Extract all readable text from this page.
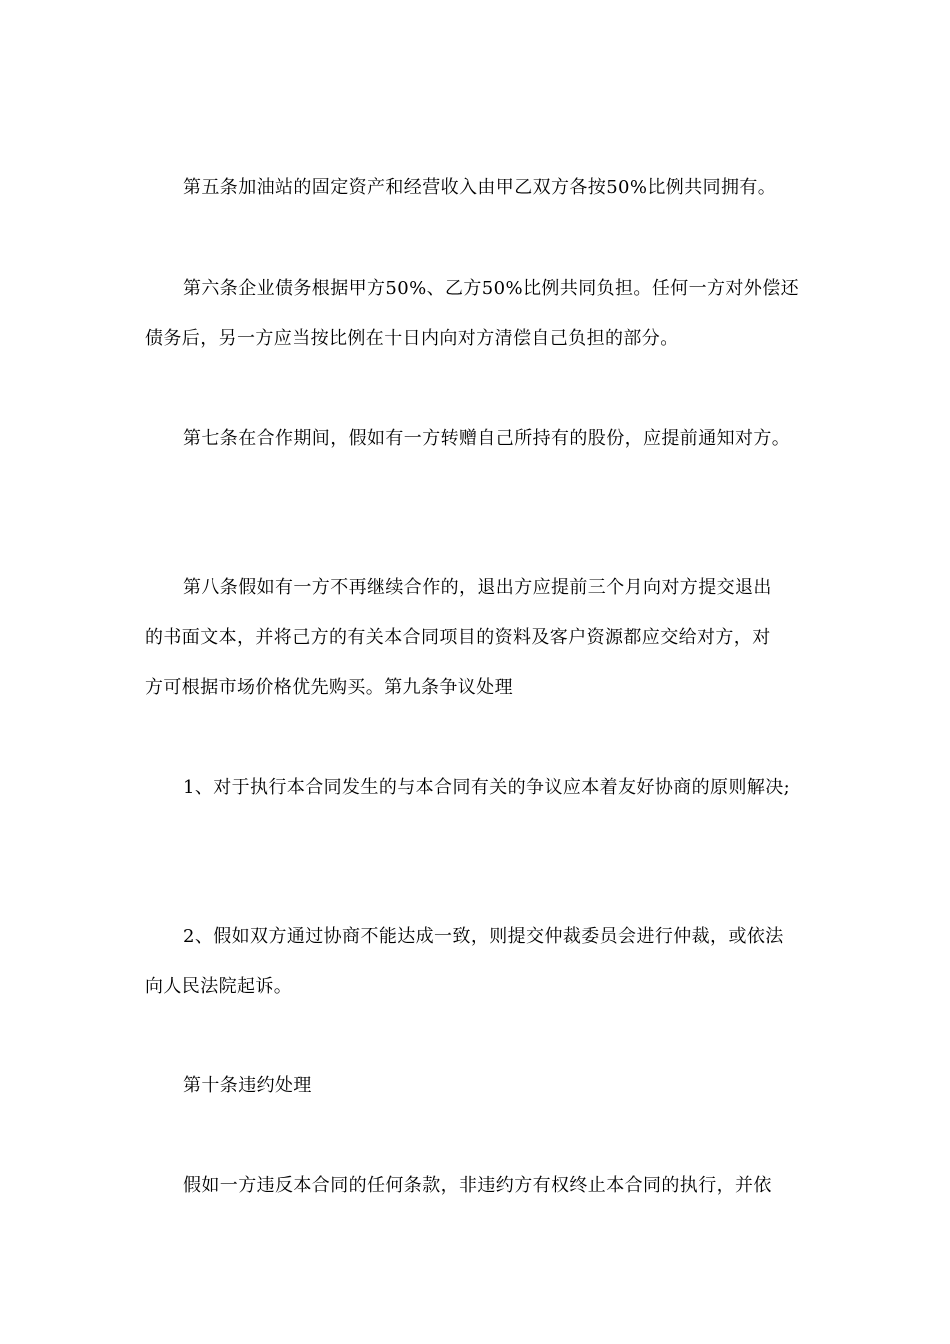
第五条加油站的固定资产和经营收入由甲乙双方各按50%比例共同拥有。
第六条企业债务根据甲方50%、乙方50%比例共同负担。任何一方对外偿还
债务后，另一方应当按比例在十日内向对方清偿自己负担的部分。
第七条在合作期间，假如有一方转赠自己所持有的股份，应提前通知对方。
第八条假如有一方不再继续合作的，退出方应提前三个月向对方提交退出
的书面文本，并将己方的有关本合同项目的资料及客户资源都应交给对方，对
方可根据市场价格优先购买。第九条争议处理
1、对于执行本合同发生的与本合同有关的争议应本着友好协商的原则解决;
2、假如双方通过协商不能达成一致，则提交仲裁委员会进行仲裁，或依法
向人民法院起诉。
第十条违约处理
假如一方违反本合同的任何条款，非违约方有权终止本合同的执行，并依
